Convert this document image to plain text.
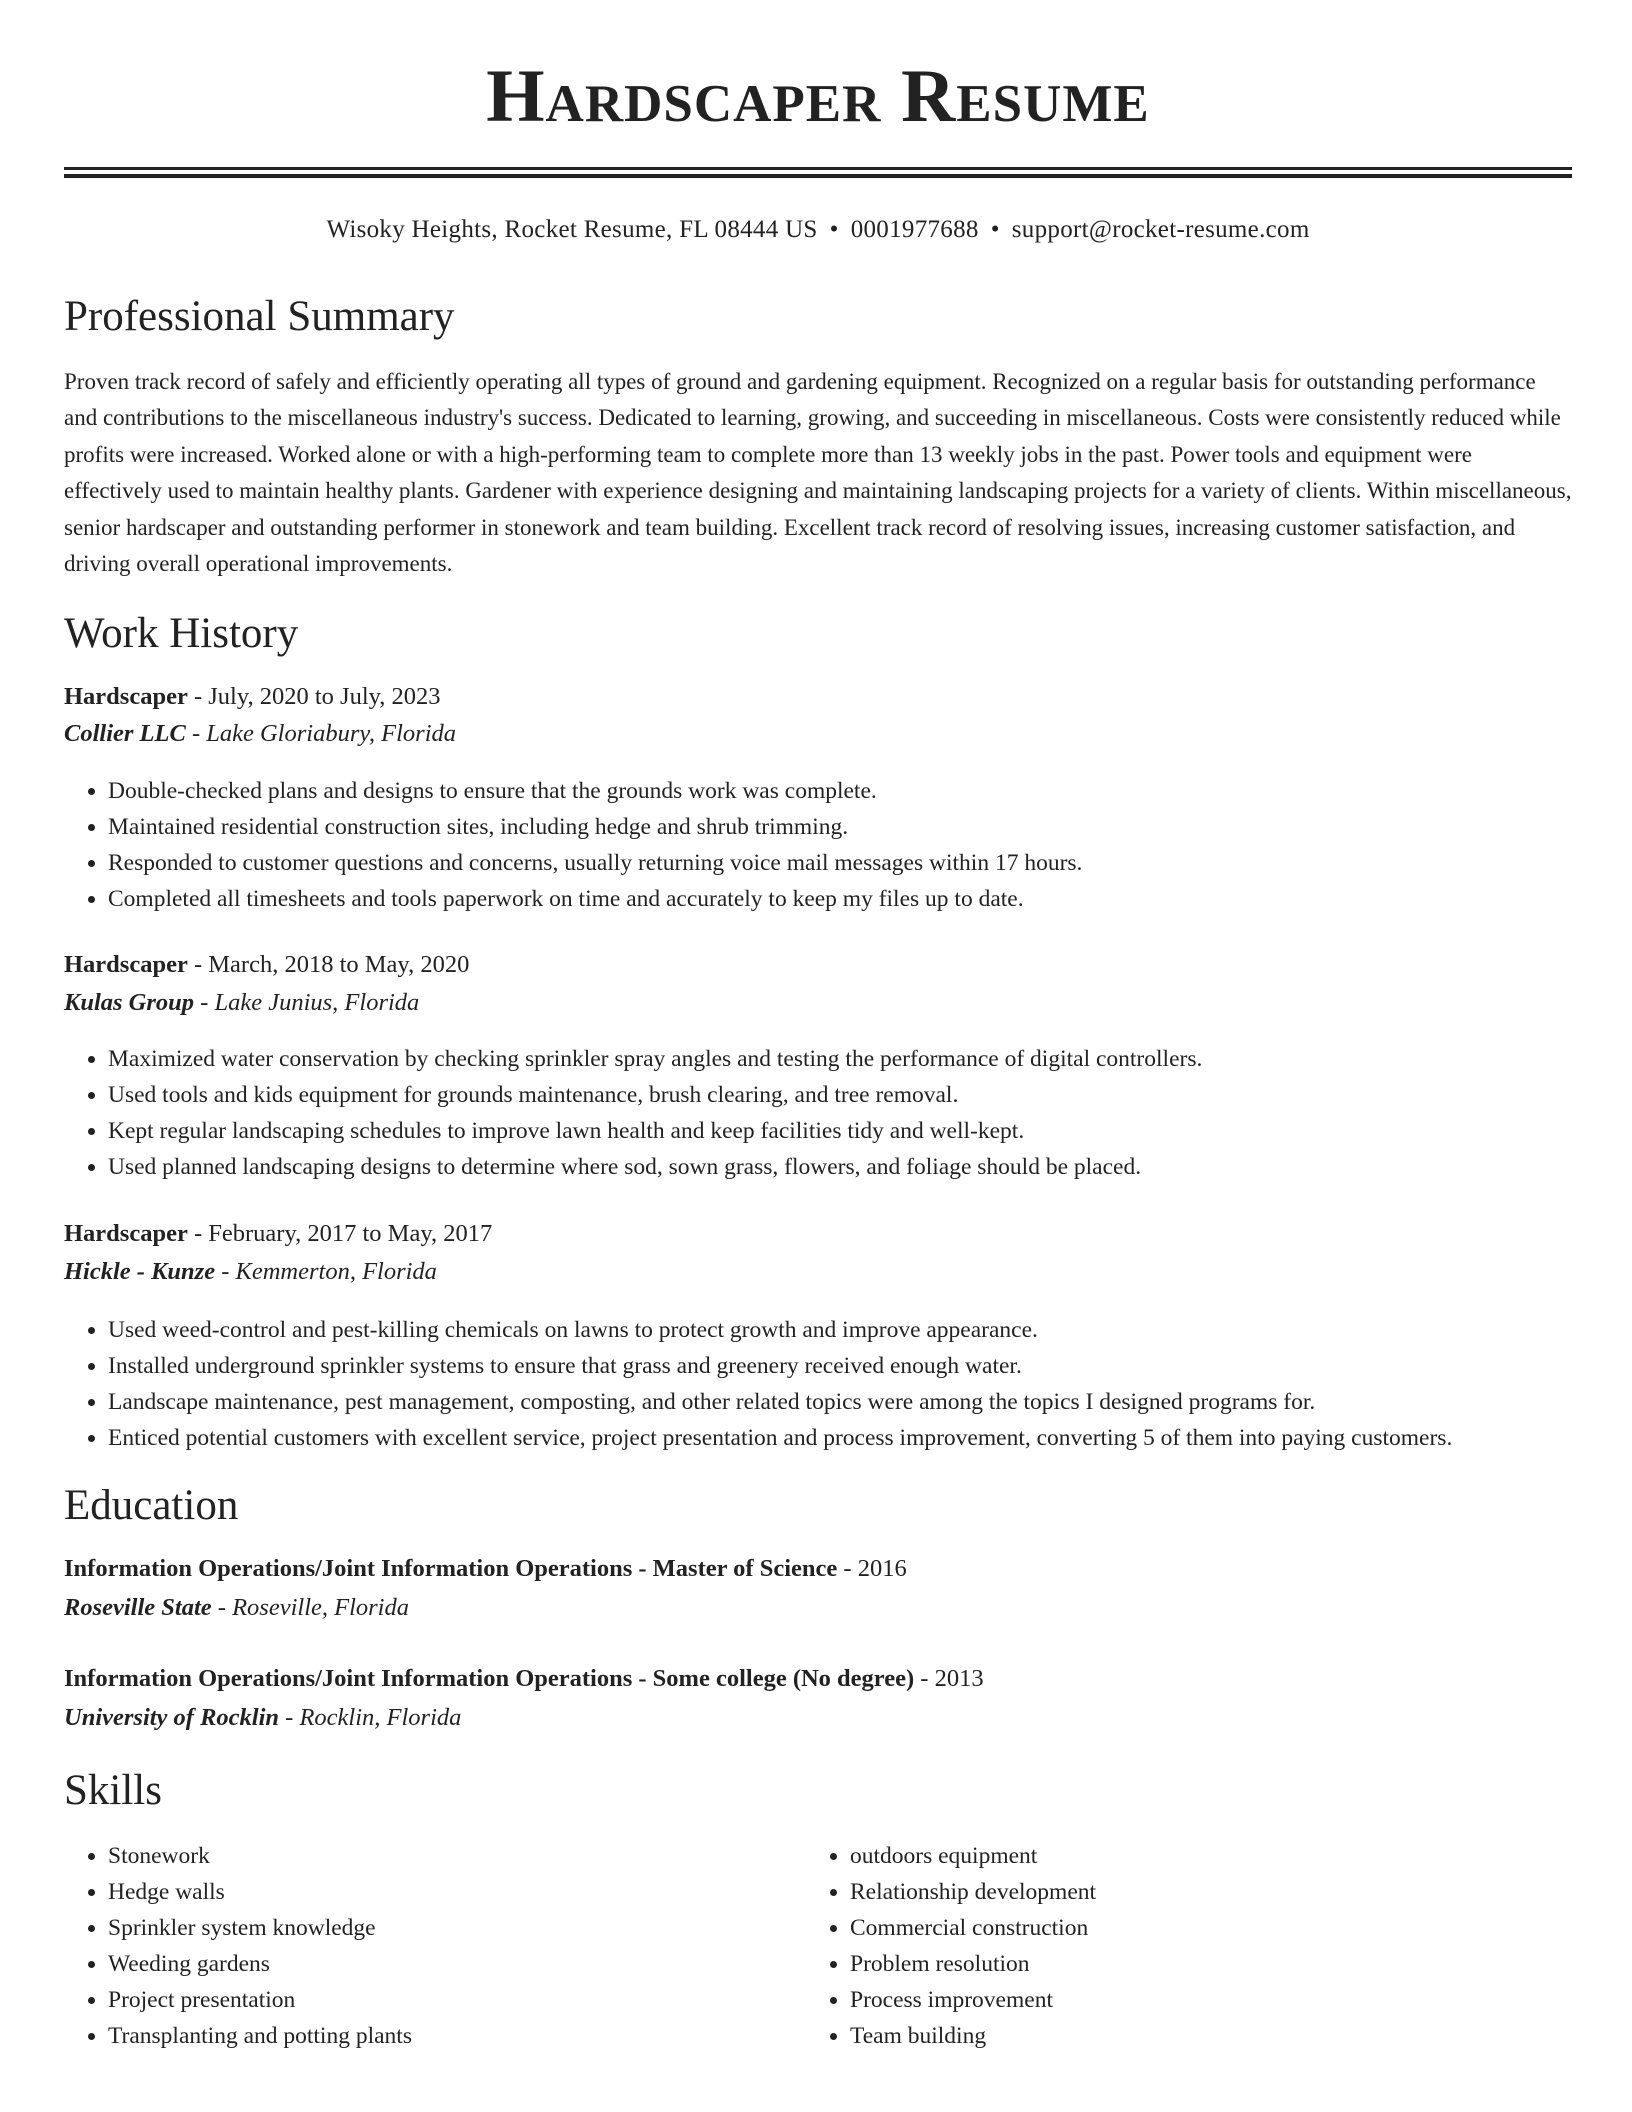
Hardscaper Resume
Wisoky Heights, Rocket Resume, FL 08444 US • 0001977688 • support@rocket-resume.com
Professional Summary

Proven track record of safely and efficiently operating all types of ground and gardening equipment. Recognized on a regular basis for outstanding performance and contributions to the miscellaneous industry's success. Dedicated to learning, growing, and succeeding in miscellaneous. Costs were consistently reduced while profits were increased. Worked alone or with a high-performing team to complete more than 13 weekly jobs in the past. Power tools and equipment were effectively used to maintain healthy plants. Gardener with experience designing and maintaining landscaping projects for a variety of clients. Within miscellaneous, senior hardscaper and outstanding performer in stonework and team building. Excellent track record of resolving issues, increasing customer satisfaction, and driving overall operational improvements.

Work History
Hardscaper - July, 2020 to July, 2023
Collier LLC - Lake Gloriabury, Florida
• Double-checked plans and designs to ensure that the grounds work was complete.
• Maintained residential construction sites, including hedge and shrub trimming.
• Responded to customer questions and concerns, usually returning voice mail messages within 17 hours.
• Completed all timesheets and tools paperwork on time and accurately to keep my files up to date.
Hardscaper - March, 2018 to May, 2020
Kulas Group - Lake Junius, Florida
• Maximized water conservation by checking sprinkler spray angles and testing the performance of digital controllers.
• Used tools and kids equipment for grounds maintenance, brush clearing, and tree removal.
• Kept regular landscaping schedules to improve lawn health and keep facilities tidy and well-kept.
• Used planned landscaping designs to determine where sod, sown grass, flowers, and foliage should be placed.
Hardscaper - February, 2017 to May, 2017
Hickle - Kunze - Kemmerton, Florida
• Used weed-control and pest-killing chemicals on lawns to protect growth and improve appearance.
• Installed underground sprinkler systems to ensure that grass and greenery received enough water.
• Landscape maintenance, pest management, composting, and other related topics were among the topics I designed programs for.
• Enticed potential customers with excellent service, project presentation and process improvement, converting 5 of them into paying customers.
Education
Information Operations/Joint Information Operations - Master of Science - 2016
Roseville State - Roseville, Florida
Information Operations/Joint Information Operations - Some college (No degree) - 2013
University of Rocklin - Rocklin, Florida
Skills
• Stonework
• Hedge walls
• Sprinkler system knowledge
• Weeding gardens
• Project presentation
• Transplanting and potting plants
• outdoors equipment
• Relationship development
• Commercial construction
• Problem resolution
• Process improvement
• Team building
